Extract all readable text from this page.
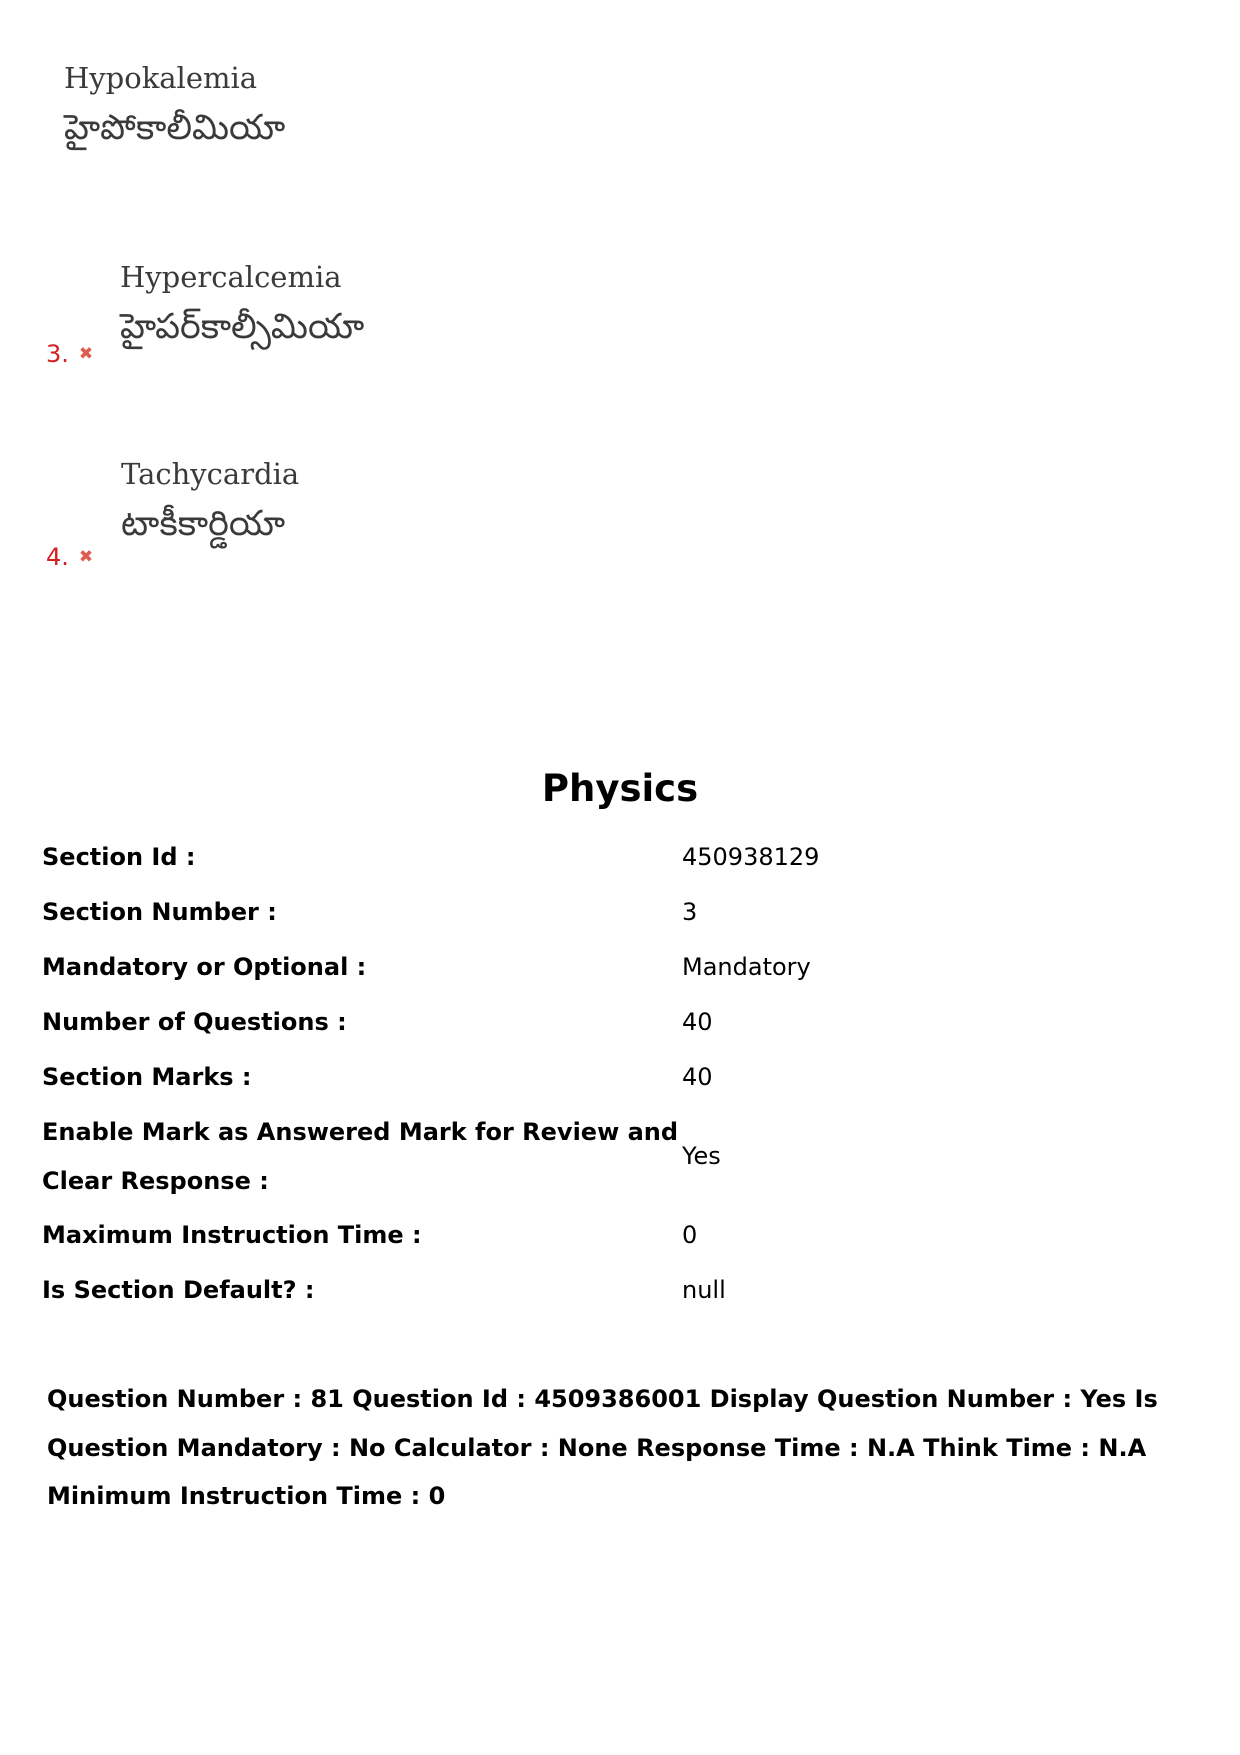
Hypokalemia
హైపోకాలీమియా
3. ✖
Hypercalcemia
హైపర్‌కాల్సీమియా
4. ✖
Tachycardia
టాకీకార్డియా
Physics
Section Id :	450938129
Section Number :	3
Mandatory or Optional :	Mandatory
Number of Questions :	40
Section Marks :	40
Enable Mark as Answered Mark for Review and Clear Response :	Yes
Maximum Instruction Time :	0
Is Section Default? :	null
Question Number : 81 Question Id : 4509386001 Display Question Number : Yes Is Question Mandatory : No Calculator : None Response Time : N.A Think Time : N.A Minimum Instruction Time : 0
